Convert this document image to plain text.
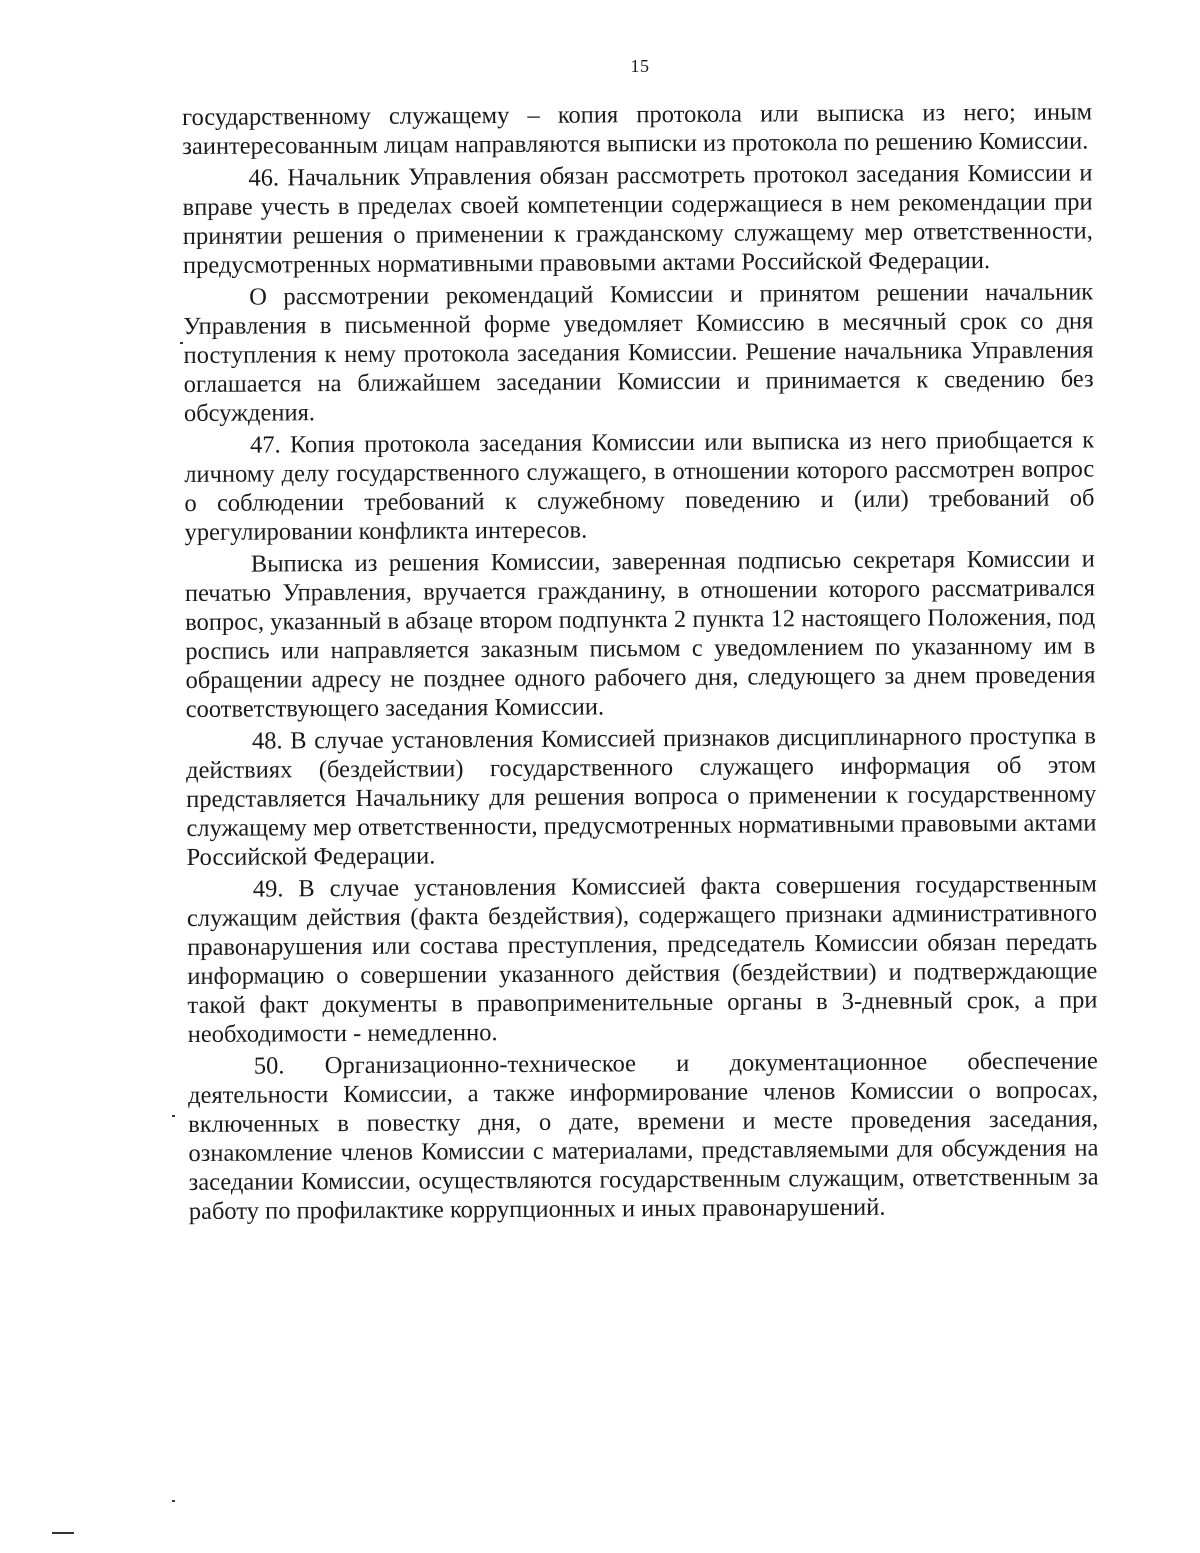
15

государственному служащему – копия протокола или выписка из него; иным заинтересованным лицам направляются выписки из протокола по решению Комиссии.

46. Начальник Управления обязан рассмотреть протокол заседания Комиссии и вправе учесть в пределах своей компетенции содержащиеся в нем рекомендации при принятии решения о применении к гражданскому служащему мер ответственности, предусмотренных нормативными правовыми актами Российской Федерации.

О рассмотрении рекомендаций Комиссии и принятом решении начальник Управления в письменной форме уведомляет Комиссию в месячный срок со дня поступления к нему протокола заседания Комиссии. Решение начальника Управления оглашается на ближайшем заседании Комиссии и принимается к сведению без обсуждения.

47. Копия протокола заседания Комиссии или выписка из него приобщается к личному делу государственного служащего, в отношении которого рассмотрен вопрос о соблюдении требований к служебному поведению и (или) требований об урегулировании конфликта интересов.

Выписка из решения Комиссии, заверенная подписью секретаря Комиссии и печатью Управления, вручается гражданину, в отношении которого рассматривался вопрос, указанный в абзаце втором подпункта 2 пункта 12 настоящего Положения, под роспись или направляется заказным письмом с уведомлением по указанному им в обращении адресу не позднее одного рабочего дня, следующего за днем проведения соответствующего заседания Комиссии.

48. В случае установления Комиссией признаков дисциплинарного проступка в действиях (бездействии) государственного служащего информация об этом представляется Начальнику для решения вопроса о применении к государственному служащему мер ответственности, предусмотренных нормативными правовыми актами Российской Федерации.

49. В случае установления Комиссией факта совершения государственным служащим действия (факта бездействия), содержащего признаки административного правонарушения или состава преступления, председатель Комиссии обязан передать информацию о совершении указанного действия (бездействии) и подтверждающие такой факт документы в правоприменительные органы в 3-дневный срок, а при необходимости - немедленно.

50. Организационно-техническое и документационное обеспечение деятельности Комиссии, а также информирование членов Комиссии о вопросах, включенных в повестку дня, о дате, времени и месте проведения заседания, ознакомление членов Комиссии с материалами, представляемыми для обсуждения на заседании Комиссии, осуществляются государственным служащим, ответственным за работу по профилактике коррупционных и иных правонарушений.
